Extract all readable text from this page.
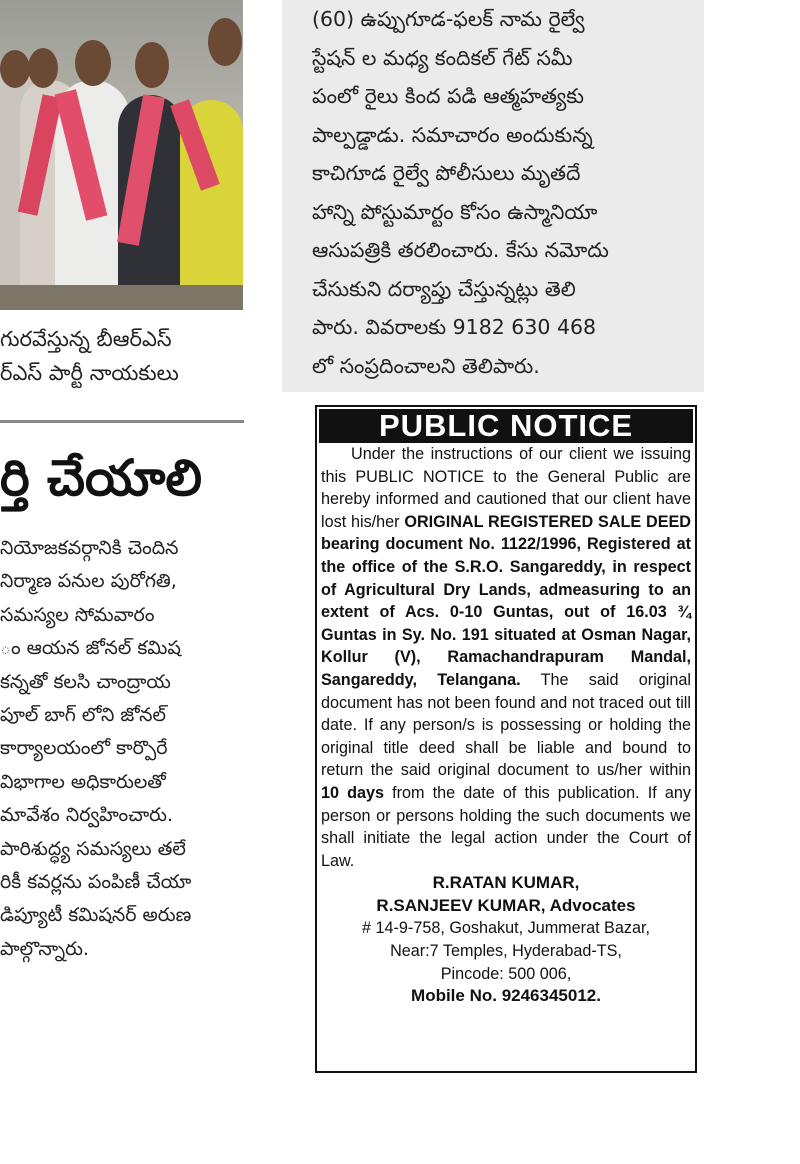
గురవేస్తున్న బీఆర్ఎస్
ర్ఎస్ పార్టీ నాయకులు
ర్తి చేయాలి
నియోజకవర్గానికి చెందిన
నిర్మాణ పనుల పురోగతి,
సమస్యల సోమవారం
ం ఆయన జోనల్ కమిష
కన్నతో కలసి చాంద్రాయ
పూల్ బాగ్ లోని జోనల్
కార్యాలయంలో కార్పొరే
విభాగాల అధికారులతో
మావేశం నిర్వహించారు.
పారిశుద్ధ్య సమస్యలు తలే
రికీ కవర్లను పంపిణీ చేయా
డిప్యూటీ కమిషనర్ అరుణ
పాల్గొన్నారు.
(60) ఉప్పుగూడ-ఫలక్ నామ రైల్వే
స్టేషన్ ల మధ్య కందికల్ గేట్ సమీ
పంలో రైలు కింద పడి ఆత్మహత్యకు
పాల్పడ్డాడు. సమాచారం అందుకున్న
కాచిగూడ రైల్వే పోలీసులు మృతదే
హాన్ని పోస్టుమార్టం కోసం ఉస్మానియా
ఆసుపత్రికి తరలించారు. కేసు నమోదు
చేసుకుని దర్యాప్తు చేస్తున్నట్లు తెలి
పారు. వివరాలకు 9182 630 468
లో సంప్రదించాలని తెలిపారు.
PUBLIC NOTICE

Under the instructions of our client we issuing this PUBLIC NOTICE to the General Public are hereby informed and cautioned that our client have lost his/her ORIGINAL REGISTERED SALE DEED bearing document No. 1122/1996, Registered at the office of the S.R.O. Sangareddy, in respect of Agricultural Dry Lands, admeasuring to an extent of Acs. 0-10 Guntas, out of 16.03 ¾ Guntas in Sy. No. 191 situated at Osman Nagar, Kollur (V), Ramachandrapuram Mandal, Sangareddy, Telangana. The said original document has not been found and not traced out till date. If any person/s is possessing or holding the original title deed shall be liable and bound to return the said original document to us/her within 10 days from the date of this publication. If any person or persons holding the such documents we shall initiate the legal action under the Court of Law.

R.RATAN KUMAR,
R.SANJEEV KUMAR, Advocates
# 14-9-758, Goshakut, Jummerat Bazar,
Near:7 Temples, Hyderabad-TS,
Pincode: 500 006,
Mobile No. 9246345012.
